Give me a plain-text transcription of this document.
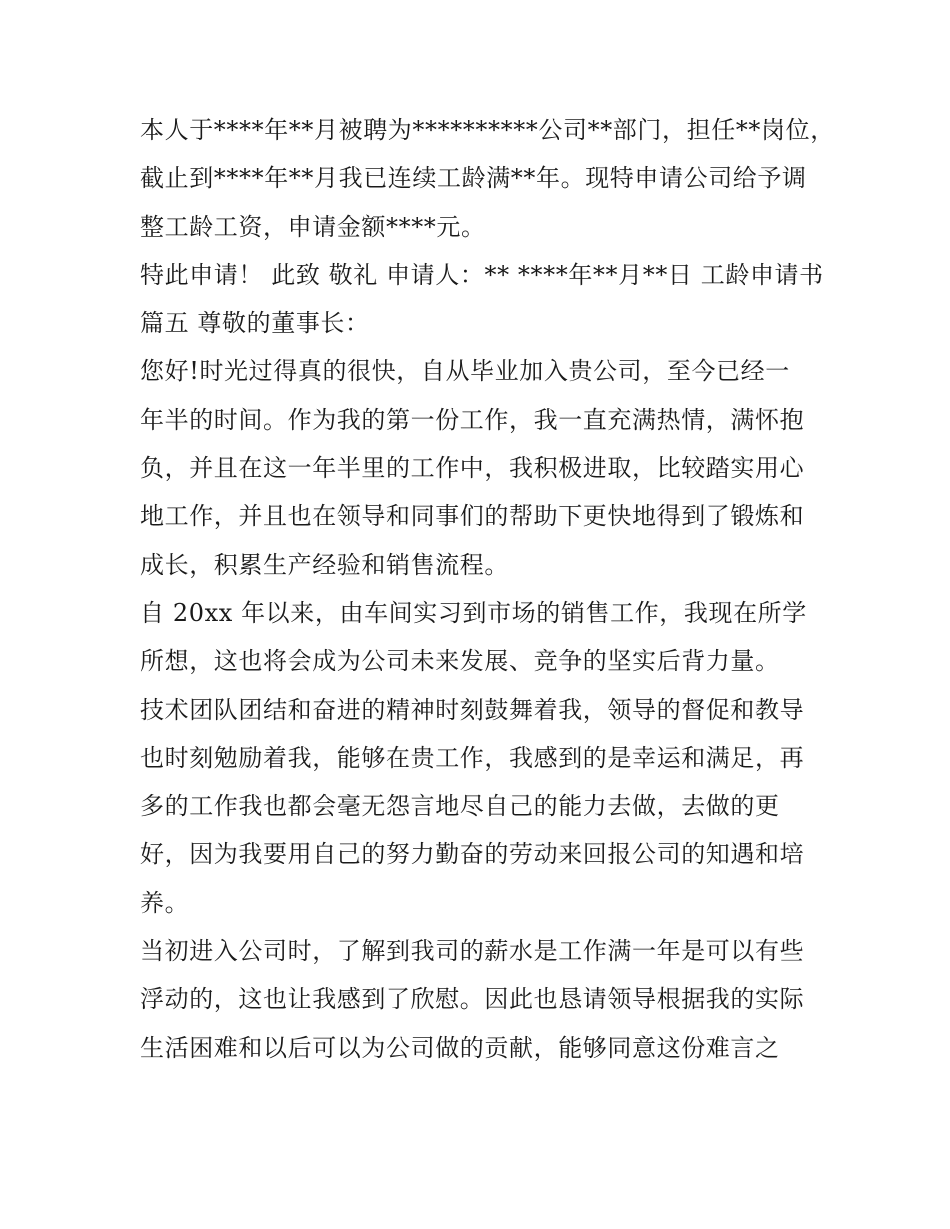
本人于****年**月被聘为**********公司**部门，担任**岗位，
截止到****年**月我已连续工龄满**年。现特申请公司给予调
整工龄工资，申请金额****元。
特此申请！ 此致 敬礼 申请人：** ****年**月**日 工龄申请书
篇五 尊敬的董事长：
您好!时光过得真的很快，自从毕业加入贵公司，至今已经一
年半的时间。作为我的第一份工作，我一直充满热情，满怀抱
负，并且在这一年半里的工作中，我积极进取，比较踏实用心
地工作，并且也在领导和同事们的帮助下更快地得到了锻炼和
成长，积累生产经验和销售流程。
自 20xx 年以来，由车间实习到市场的销售工作，我现在所学
所想，这也将会成为公司未来发展、竞争的坚实后背力量。
技术团队团结和奋进的精神时刻鼓舞着我，领导的督促和教导
也时刻勉励着我，能够在贵工作，我感到的是幸运和满足，再
多的工作我也都会毫无怨言地尽自己的能力去做，去做的更
好，因为我要用自己的努力勤奋的劳动来回报公司的知遇和培
养。
当初进入公司时，了解到我司的薪水是工作满一年是可以有些
浮动的，这也让我感到了欣慰。因此也恳请领导根据我的实际
生活困难和以后可以为公司做的贡献，能够同意这份难言之
